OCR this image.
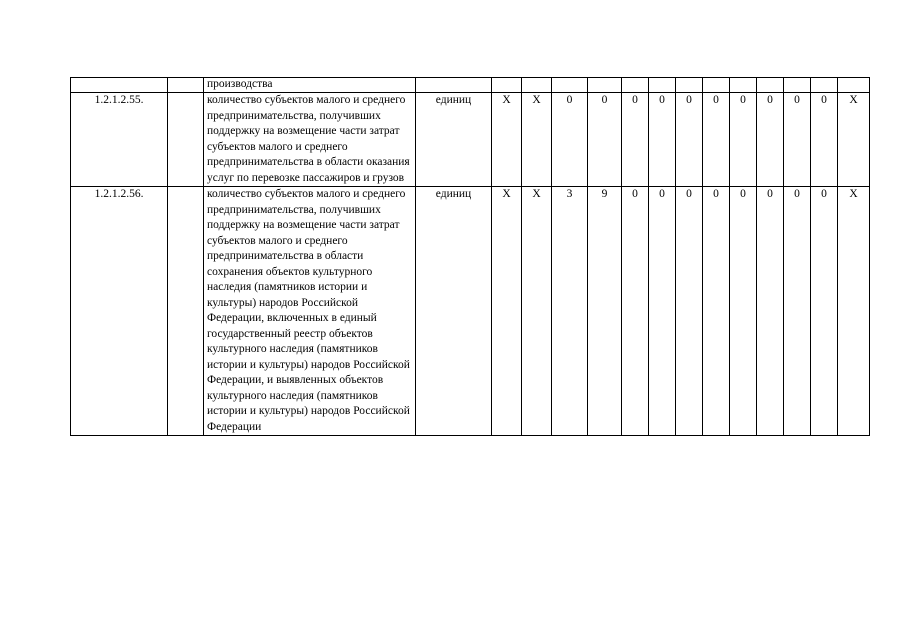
		производства														
1.2.1.2.55.		количество субъектов малого и среднего предпринимательства, получивших поддержку на возмещение части затрат субъектов малого и среднего предпринимательства в области оказания услуг по перевозке пассажиров и грузов	единиц	Х	Х	0	0	0	0	0	0	0	0	0	0	Х
1.2.1.2.56.		количество субъектов малого и среднего предпринимательства, получивших поддержку на возмещение части затрат субъектов малого и среднего предпринимательства в области сохранения объектов культурного наследия (памятников истории и культуры) народов Российской Федерации, включенных в единый государственный реестр объектов культурного наследия (памятников истории и культуры) народов Российской Федерации, и выявленных объектов культурного наследия (памятников истории и культуры) народов Российской Федерации	единиц	Х	Х	3	9	0	0	0	0	0	0	0	0	Х
